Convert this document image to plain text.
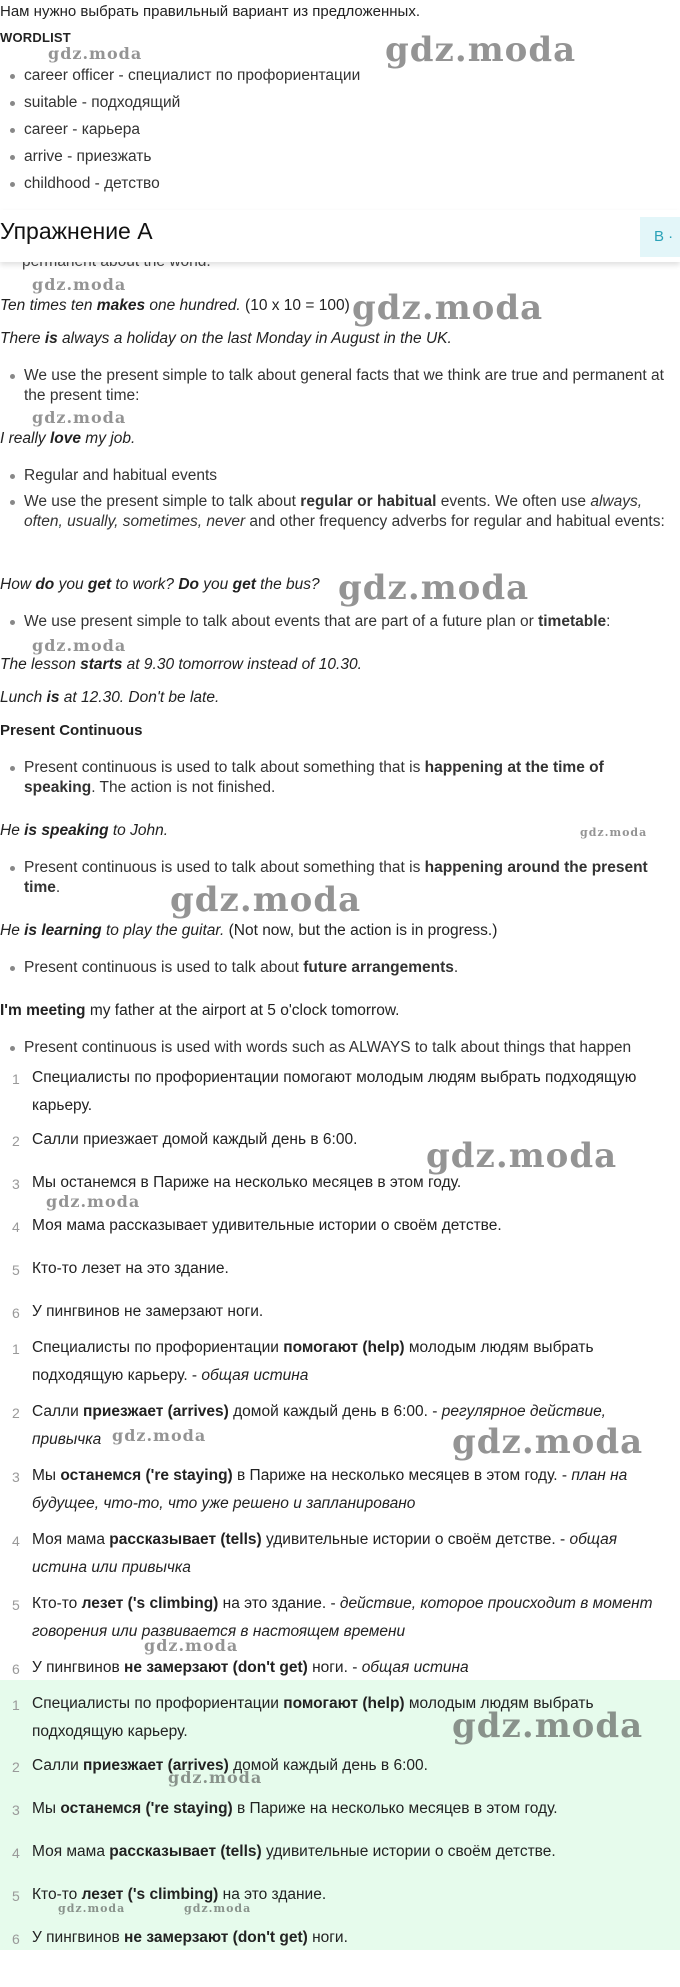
Нам нужно выбрать правильный вариант из предложенных.
WORDLIST
career officer - специалист по профориентации
suitable - подходящий
career - карьера
arrive - приезжать
childhood - детство
Упражнение A	B ·
Ten times ten makes one hundred. (10 x 10 = 100)
There is always a holiday on the last Monday in August in the UK.
We use the present simple to talk about general facts that we think are true and permanent at the present time:
I really love my job.
Regular and habitual events
We use the present simple to talk about regular or habitual events. We often use always, often, usually, sometimes, never and other frequency adverbs for regular and habitual events:
How do you get to work? Do you get the bus?
We use present simple to talk about events that are part of a future plan or timetable:
The lesson starts at 9.30 tomorrow instead of 10.30.
Lunch is at 12.30. Don't be late.
Present Continuous
Present continuous is used to talk about something that is happening at the time of speaking. The action is not finished.
He is speaking to John.
Present continuous is used to talk about something that is happening around the present time.
He is learning to play the guitar. (Not now, but the action is in progress.)
Present continuous is used to talk about future arrangements.
I'm meeting my father at the airport at 5 o'clock tomorrow.
Present continuous is used with words such as ALWAYS to talk about things that happen
1 Специалисты по профориентации помогают молодым людям выбрать подходящую карьеру.
2 Салли приезжает домой каждый день в 6:00.
3 Мы останемся в Париже на несколько месяцев в этом году.
4 Моя мама рассказывает удивительные истории о своём детстве.
5 Кто-то лезет на это здание.
6 У пингвинов не замерзают ноги.
1 Специалисты по профориентации помогают (help) молодым людям выбрать подходящую карьеру. - общая истина
2 Салли приезжает (arrives) домой каждый день в 6:00. - регулярное действие, привычка
3 Мы останемся ('re staying) в Париже на несколько месяцев в этом году. - план на будущее, что-то, что уже решено и запланировано
4 Моя мама рассказывает (tells) удивительные истории о своём детстве. - общая истина или привычка
5 Кто-то лезет ('s climbing) на это здание. - действие, которое происходит в момент говорения или развивается в настоящем времени
6 У пингвинов не замерзают (don't get) ноги. - общая истина
1 Специалисты по профориентации помогают (help) молодым людям выбрать подходящую карьеру.
2 Салли приезжает (arrives) домой каждый день в 6:00.
3 Мы останемся ('re staying) в Париже на несколько месяцев в этом году.
4 Моя мама рассказывает (tells) удивительные истории о своём детстве.
5 Кто-то лезет ('s climbing) на это здание.
6 У пингвинов не замерзают (don't get) ноги.
gdz.moda
gdz.moda
gdz.moda
gdz.moda
gdz.moda
gdz.moda
gdz.moda
gdz.moda
gdz.moda
gdz.moda
gdz.moda
gdz.moda	gdz.moda
gdz.moda
gdz.moda
gdz.moda
gdz.moda	gdz.moda
